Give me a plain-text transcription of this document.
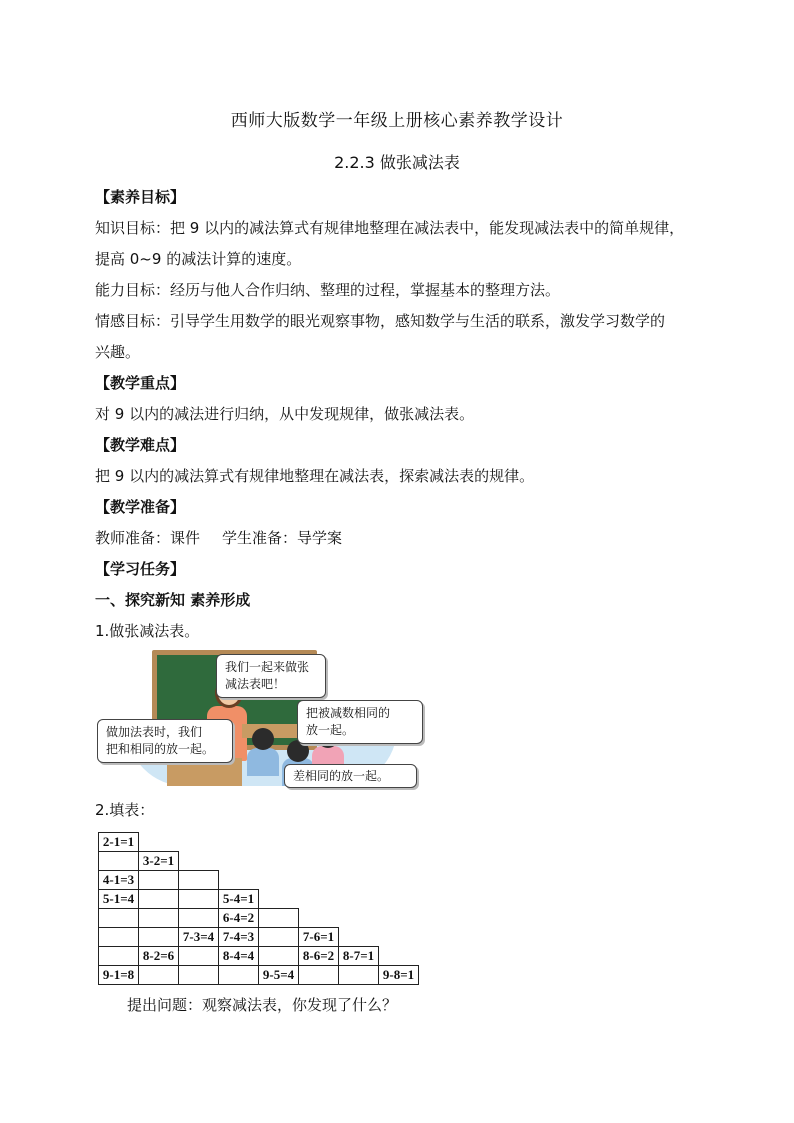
西师大版数学一年级上册核心素养教学设计
2.2.3 做张减法表
【素养目标】
知识目标：把 9 以内的减法算式有规律地整理在减法表中，能发现减法表中的简单规律，
提高 0~9 的减法计算的速度。
能力目标：经历与他人合作归纳、整理的过程，掌握基本的整理方法。
情感目标：引导学生用数学的眼光观察事物，感知数学与生活的联系，激发学习数学的
兴趣。
【教学重点】
对 9 以内的减法进行归纳，从中发现规律，做张减法表。
【教学难点】
把 9 以内的减法算式有规律地整理在减法表，探索减法表的规律。
【教学准备】
教师准备：课件 学生准备：导学案
【学习任务】
一、探究新知 素养形成
1.做张减法表。
我们一起来做张
减法表吧！
把被减数相同的
放一起。
做加法表时，我们
把和相同的放一起。
差相同的放一起。
2.填表：
2-1=1							
	3-2=1						
4-1=3							
5-1=4			5-4=1				
			6-4=2				
		7-3=4	7-4=3		7-6=1		
	8-2=6		8-4=4		8-6=2	8-7=1	
9-1=8				9-5=4			9-8=1
提出问题：观察减法表，你发现了什么？
